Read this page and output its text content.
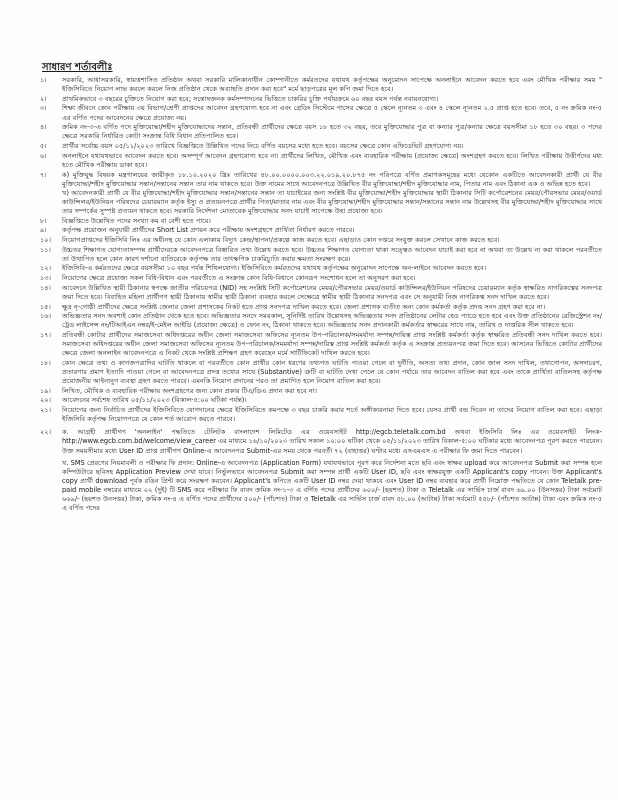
সাধারণ শর্তাবলীঃ
১।	সরকারি, আধাসরকারি, স্বায়ত্তশাসিত প্রতিষ্ঠান অথবা সরকারি মালিকানাধীন কোম্পানীতে কর্মরতদের যথাযথ কর্তৃপক্ষের অনুমোদন সাপেক্ষে অনলাইনে আবেদন করতে হবে এবং মৌখিক পরীক্ষার সময় " ইজিসিবিতে নিয়োগ লাভ করলে করলে নিজ প্রতিষ্ঠান থেকে অব্যাহতি প্রদান করা হবে" মর্মে ছাড়পত্রের মূল কপি জমা দিতে হবে।
২।	প্রাথমিকভাবে ৩ বছরের চুক্তিতে নিয়োগ করা হবে; সন্তোষজনক কর্মসম্পাদনের ভিত্তিতে চাকরির চুক্তি পর্যায়ক্রমে ৬০ বছর বয়স পর্যন্ত নবায়নযোগ্য।
৩।	শিক্ষা জীবনে কোন পরীক্ষায় ৩য় বিভাগ/শ্রেণী প্রাপ্তদের আবেদন গ্রহণযোগ্য হবে না এবং গ্রেডিং সিস্টেমে পাসের ক্ষেত্রে ৫ স্কেলে ন্যূনতম ৩ এবং ৪ স্কেলে ন্যূনতম ২.৫ প্রাপ্ত হতে হবে। তবে, ৫ নং ক্রমিক নং-৫ এর বর্ণিত পদের আবেদনের ক্ষেত্রে প্রযোজ্য নয়।
৪।	ক্রমিক নং-৩-এ বর্ণিত পদে মুক্তিযোদ্ধা/শহীদ মুক্তিযোদ্ধাদের সন্তান, প্রতিবন্ধী প্রার্থীদের ক্ষেত্রে বয়স ১৮ হতে ৩২ বছর, তবে মুক্তিযোদ্ধার পুত্র বা কন্যার পুত্র/কন্যার ক্ষেত্রে বয়সসীমা ১৮ হতে ৩০ বছর। ৩ পদের ক্ষেত্রে সরকারি নির্ধারিত কোটা সংক্রান্ত বিধি বিধান প্রতিপালিত হবে।
৫।	প্রার্থীর সর্বোচ্চ বয়স ০৫/১১/২০২৩ তারিখে বিজ্ঞপ্তিতে উল্লিখিত পদের নিচে বর্ণিত বয়সের মধ্যে হতে হবে। বয়সের ক্ষেত্রে কোন এফিডেভিট গ্রহণযোগ্য নয়।
৬।	অনলাইনে যথাযথভাবে আবেদন করতে হবে। অসম্পূর্ণ আবেদন গ্রহণযোগ্য হবে না। প্রার্থীদের লিখিত, মৌখিক এবং ব্যবহারিক পরীক্ষায় (প্রযোজ্য ক্ষেত্রে) অংশগ্রহণ করতে হবে। লিখিত পরীক্ষায় উত্তীর্ণদের মধ্য হতে মৌখিক পরীক্ষায় ডাকা হবে।
৭।	ক) মুক্তিযুদ্ধ বিষয়ক মন্ত্রণালয়ের জারীকৃত ১৮.১০.২০২০ খ্রিঃ তারিখের ৪৮.০০.০০০০.০০৩.২২.০১৯.২০.৮৭৫ নং পরিপত্রে বর্ণিত প্রমাণকসমূহের মধ্যে যেকোন একটিতে আবেদনকারী প্রার্থী যে বীর মুক্তিযোদ্ধা/শহীদ মুক্তিযোদ্ধার সন্তান/সন্তানের সন্তান তার নাম থাকতে হবে। উক্ত নামের সাথে আবেদনপত্রে উল্লিখিত বীর মুক্তিযোদ্ধা/শহীদ মুক্তিযোদ্ধার নাম, পিতার নাম এবং ঠিকানা এক ও অভিন্ন হতে হবে।
খ) আবেদনকারী প্রার্থী যে বীর মুক্তিযোদ্ধা/শহীদ মুক্তিযোদ্ধার সন্তান/সন্তানের সন্তান তা যাচাইয়ের জন্য সংশ্লিষ্ট বীর মুক্তিযোদ্ধা/শহীদ মুক্তিযোদ্ধার স্থায়ী ঠিকানার সিটি কর্পোরেশনের মেয়র/পৌরসভার মেয়র/ওয়ার্ড কাউন্সিলর/ইউনিয়ন পরিষদের চেয়ারম্যান কর্তৃক ইস্যু ও প্রত্যয়নপত্রে প্রার্থীর পিতা/মাতার নাম এবং বীর মুক্তিযোদ্ধা/শহীদ মুক্তিযোদ্ধার সন্তান/সন্তানের সন্তান নাম উল্লেখসহ বীর মুক্তিযোদ্ধা/শহীদ মুক্তিযোদ্ধার সাথে তার সম্পর্কের সুস্পষ্ট প্রত্যয়ন থাকতে হবে। সরকারি নির্দেশনা মোতাবেক মুক্তিযোদ্ধার সনদ যাচাই সাপেক্ষে উহা প্রযোজ্য হবে।
৮।	বিজ্ঞপ্তিতে উল্লেখিত পদের সংখ্যা কম বা বেশী হতে পারে।
৯।	কর্তৃপক্ষ প্রয়োজন অনুযায়ী প্রার্থীদের Short List প্রণয়ন করে পরীক্ষায় অংশগ্রহণে প্রার্থিতা নির্ধারণ করতে পারবে।
১০।	নিয়োগপ্রাপ্তদের ইজিসিবি লিঃ এর অধীনস্থ যে কোন এলাকায় বিদ্যুৎ কেন্দ্র/স্থাপনা/প্রকল্পে কাজ করতে হবে। এছাড়াও কোন দপ্তরে সংযুক্ত করলে সেখানে কাজ করতে হবে।
১১।	উচ্চতর শিক্ষাগত যোগ্যতাসম্পন্ন প্রার্থীদেরকে আবেদনপত্রে বিস্তারিত তথ্য উল্লেখ করতে হবে। উচ্চতর শিক্ষাগত যোগ্যতা থাকা সত্ত্বেও আবেদন যাচাই করা হবে না অথবা তা উল্লেখ না করা থাকলে পরবর্তীতে তা উত্থাপিত হলে কোন কারণ দর্শানো ব্যতিরেকে কর্তৃপক্ষ তার তাৎক্ষণিক চাকরিচ্যুতি করার ক্ষমতা সংরক্ষণ করে।
১২।	ইজিসিবি-এ কর্মরতদের ক্ষেত্রে বয়সসীমা ১০ বছর পর্যন্ত শিথিলযোগ্য। ইজিসিবিতে কর্মরতদের যথাযথ কর্তৃপক্ষের অনুমোদন সাপেক্ষে অন-লাইনে আবেদন করতে হবে।
১৩।	নিয়োগের ক্ষেত্রে প্রযোজ্য সকল বিধি-বিধান এবং পরবর্তীতে এ সংক্রান্ত কোন বিধি-বিধানে কোনরূপ সংশোধন হলে তা অনুসরণ করা হবে।
১৪।	আবেদনে উল্লিখিত স্থায়ী ঠিকানার স্বপক্ষে জাতীয় পরিচয়পত্র (NID) সহ সংশ্লিষ্ট সিটি কর্পোরেশনের মেয়র/পৌরসভার মেয়র/ওয়ার্ড কাউন্সিলর/ইউনিয়ন পরিষদের চেয়ারম্যান কর্তৃক স্বাক্ষরিত নাগরিকত্বের সনদপত্র জমা দিতে হবে। বিবাহিত মহিলা প্রার্থীগণ স্থায়ী ঠিকানায় স্বামীর স্থায়ী ঠিকানা ব্যবহার করলে সেক্ষেত্রে স্বামীর স্থায়ী ঠিকানার সনদপত্র এবং সে অনুযায়ী নিজ নাগরিকত্ব সনদ দাখিল করতে হবে।
১৫।	ক্ষুদ্র নৃ-গোষ্ঠী প্রার্থীদের ক্ষেত্রে সংশ্লিষ্ট জেলার জেলা প্রশাসকের নিকট হতে প্রাপ্ত সনদপত্র দাখিল করতে হবে। জেলা প্রশাসক ব্যতীত অন্য কোন কর্মকর্তা কর্তৃক প্রদত্ত সনদ গ্রহণ করা হবে না।
১৬।	অভিজ্ঞতার সনদ অবশ্যই কোন প্রতিষ্ঠান থেকে হতে হবে। অভিজ্ঞতার সনদে সময়কাল, সুনির্দিষ্ট তারিখ উল্লেখসহ অভিজ্ঞতার সনদ প্রতিষ্ঠানের লেটার হেড প্যাডে হতে হবে এবং উক্ত প্রতিষ্ঠানের রেজিস্ট্রেশন নং/ট্রেড লাইসেন্স নং/টিআইএন নম্বর/ই-মেইল আইডি (প্রযোজ্য ক্ষেত্রে) ও ফোন নং, ঠিকানা থাকতে হবে। অভিজ্ঞতার সনদ প্রদানকারী কর্মকর্তার স্বাক্ষরের সাথে নাম, তারিখ ও দাপ্তরিক সীল থাকতে হবে।
১৭।	প্রতিবন্ধী কোটার প্রার্থীদের সমাজসেবা অধিদপ্তরের অধীন জেলা সমাজসেবা অফিসের ন্যূনতম উপ-পরিচালক/সমমর্যাদা সম্পন্ন/দায়িত্ব প্রাপ্ত সংশ্লিষ্ট কর্মকর্তা কর্তৃক স্বাক্ষরিত প্রতিবন্ধী সনদ দাখিল করতে হবে। সমাজসেবা অধিদপ্তরের অধীন জেলা সমাজসেবা অফিসের ন্যূনতম উপ-পরিচালক/সমমর্যাদা সম্পন্ন/দায়িত্ব প্রাপ্ত সংশ্লিষ্ট কর্মকর্তা কর্তৃক এ সংক্রান্ত প্রত্যয়নপত্র জমা দিতে হবে। আসনের ভিত্তিতে কোটার প্রার্থীদের ক্ষেত্রে জেলা অনলাইন আবেদনপত্রে এ নিকট থেকে সংশ্লিষ্ট প্রশিক্ষণ গ্রহণ করেছেন মর্মে সার্টিফিকেট দাখিল করতে হবে।
১৮।	কোন ক্ষেত্রে তথ্য ও কাগজপত্রাদির ঘাটতি থাকলে বা পরবর্তীতে কোন প্রার্থীর কোন ধরণের তথ্যগত ঘাটতি পাওয়া গেলে বা দুর্নীতি, অসত্য তথ্য প্রদান, কোন জাল সনদ দাখিল, তথ্যগোপন, অসদাচরণ, প্রতারণার প্রমাণ ইত্যাদি পাওয়া গেলে বা আবেদনপত্রে প্রদত্ত তথ্যের সাথে (Substantive) ত্রুটি বা ঘাটতি দেখা গেলে যে কোন পর্যায়ে তার আবেদন বাতিল করা হবে এবং তাকে প্রার্থিতা বাতিলসহ কর্তৃপক্ষ প্রয়োজনীয় আইনানুগ ব্যবস্থা গ্রহণ করতে পারবে। এমনকি নিয়োগ প্রদানের পরও তা প্রমাণিত হলে নিয়োগ বাতিল করা হবে।
১৯।	লিখিত, মৌখিক ও ব্যবহারিক পরীক্ষায় অংশগ্রহণের জন্য কোন প্রকার টিএ/ডিএ প্রদান করা হবে না।
২০।	আবেদনের সর্বশেষ তারিখ ০৫/১১/২০২৩ (বিকাল-৫:০০ ঘটিকা পর্যন্ত)।
২১।	নিয়োগের জন্য নির্বাচিত প্রার্থীদের ইজিসিবিতে যোগদানের ক্ষেত্রে ইজিসিবিতে কমপক্ষে ৩ বছর চাকরি করার শর্তে অঙ্গীকারনামা দিতে হবে। যেসব প্রার্থী বন্ড দিবেন না তাদের নিয়োগ বাতিল করা হবে। এছাড়া ইজিসিবি কর্তৃপক্ষ নিয়োগপত্রে যে কোন শর্ত আরোপ করতে পারবে।
২২।	ক. আগ্রহী প্রার্থীগণ 'অনলাইন' পদ্ধতিতে টেলিটক বাংলাদেশ লিমিটেড এর ওয়েবসাইট http://egcb.teletalk.com.bd অথবা ইজিসিবি লিঃ এর ওয়েবসাইট লিংক-http://www.egcb.com.bd/welcome/view_career এর মাধ্যমে ১৬/১০/২০২৩ তারিখ সকাল ১০:০০ ঘটিকা থেকে ০৫/১১/২০২৩ তারিখ বিকাল-৫:০০ ঘটিকার মধ্যে আবেদনপত্র পূরণ করতে পারবেন। উক্ত সময়সীমার মধ্যে User ID প্রাপ্ত প্রার্থীগণ Online-এ আবেদনপত্র Submit-এর সময় থেকে পরবর্তী ৭২ (বাহাত্তর) ঘণ্টার মধ্যে এসএমএস এ পরীক্ষার ফি জমা দিতে পারবেন।
খ. SMS প্রেরণের নিয়মাবলী ও পরীক্ষার ফি প্রদান: Online-এ আবেদনপত্র (Application Form) যথাযথভাবে পূরণ করে নির্দেশনা মতে ছবি এবং স্বাক্ষর upload করে আবেদনপত্র Submit করা সম্পন্ন হলে কম্পিউটারে ছবিসহ Application Preview দেখা যাবে। নির্ভুলভাবে আবেদনপত্র Submit করা সম্পন্ন প্রার্থী একটি User ID, ছবি এবং স্বাক্ষরযুক্ত একটি Applicant's copy পাবেন। উক্ত Applicant's copy প্রার্থী download পূর্বক রঙিন প্রিন্ট করে সংরক্ষণ করবেন। Applicant's কপিতে একটি User ID নম্বর দেয়া থাকবে এবং User ID নম্বর ব্যবহার করে প্রার্থী নিম্নোক্ত পদ্ধতিতে যে কোন Teletalk pre-paid mobile নম্বরের মাধ্যমে ০২ (দুই) টি SMS করে পরীক্ষার ফি বাবদ ক্রমিক নং-১-৩ এ বর্ণিত পদের প্রার্থীদের ৬০০/- (ছয়শত) টাকা ও Teletalk এর সার্ভিস চার্জ বাবদ ৬৯.০০ (উনসত্তর) টাকা সর্বমোট ৬৬৯/- (ছয়শত উনসত্তর) টাকা, ক্রমিক নং-৪ এ বর্ণিত পদের প্রার্থীদের ৫০০/- (পাঁচশত) টাকা ও Teletalk এর সার্ভিস চার্জ বাবদ ৫৮.০০ (আটান্ন) টাকা সর্বমোট ৫৫৮/- (পাঁচশত আটান্ন) টাকা এবং ক্রমিক নং-৫ এ বর্ণিত পদের
